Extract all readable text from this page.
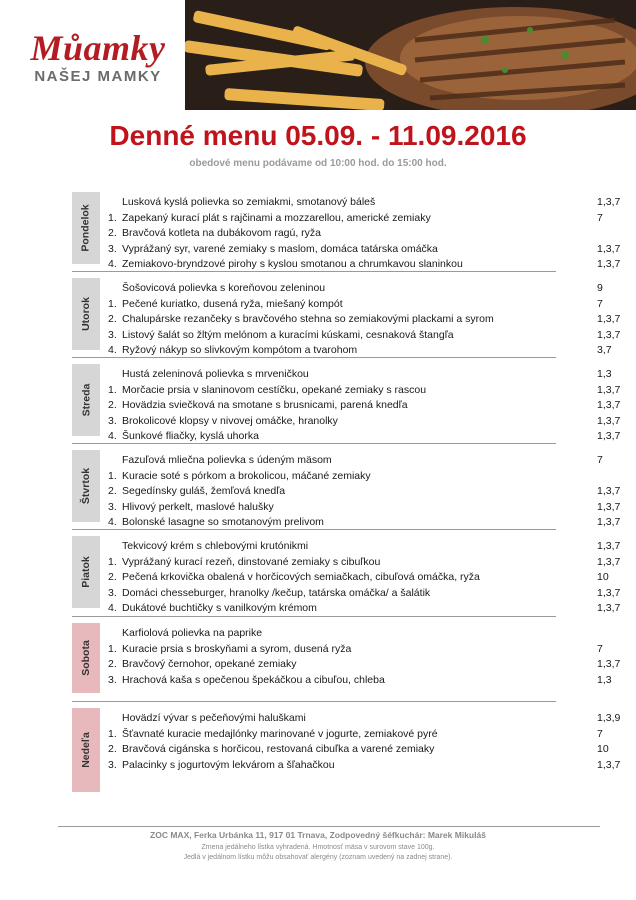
Můamky
NAŠEJ MAMKY
Denné menu 05.09. - 11.09.2016
obedové menu podávame od 10:00 hod. do 15:00 hod.
Pondelok
Lusková kyslá polievka so zemiakmi, smotanový báleš	1,3,7
1. Zapekaný kurací plát s rajčinami a mozzarellou, americké zemiaky	7
2. Bravčová kotleta na dubákovom ragú, ryža
3. Vyprážaný syr, varené zemiaky s maslom, domáca tatárska omáčka	1,3,7
4. Zemiakovo-bryndzové pirohy s kyslou smotanou a chrumkavou slaninkou	1,3,7
Utorok
Šošovicová polievka s koreňovou zeleninou	9
1. Pečené kuriatko, dusená ryža, miešaný kompót	7
2. Chalupárske rezančeky s bravčového stehna so zemiakovými plackami a syrom	1,3,7
3. Listový šalát so žltým melónom a kuracími kúskami, cesnaková štangľa	1,3,7
4. Ryžový nákyp so slivkovým kompótom a tvarohom	3,7
Streda
Hustá zeleninová polievka s mrveničkou	1,3
1. Morčacie prsia v slaninovom cestíčku, opekané zemiaky s rascou	1,3,7
2. Hovädzia sviečková na smotane s brusnicami, parená knedľa	1,3,7
3. Brokolicové klopsy v nivovej omáčke, hranolky	1,3,7
4. Šunkové fliačky, kyslá uhorka	1,3,7
Štvrtok
Fazuľová mliečna polievka s údeným mäsom	7
1. Kuracie soté s pórkom a brokolicou, máčané zemiaky
2. Segedínsky guláš, žemľová knedľa	1,3,7
3. Hlivový perkelt, maslové halušky	1,3,7
4. Bolonské lasagne so smotanovým prelivom	1,3,7
Piatok
Tekvicový krém s chlebovými krutónikmi	1,3,7
1. Vyprážaný kurací rezeň, dinstované zemiaky s cibuľkou	1,3,7
2. Pečená krkovička obalená v horčicových semiačkach, cibuľová omáčka, ryža	10
3. Domáci chesseburger, hranolky /kečup, tatárska omáčka/ a šalátik	1,3,7
4. Dukátové buchtičky s vanilkovým krémom	1,3,7
Sobota
Karfiolová polievka na paprike
1. Kuracie prsia s broskyňami a syrom, dusená ryža	7
2. Bravčový černohor, opekané zemiaky	1,3,7
3. Hrachová kaša s opečenou špekáčkou a cibuľou, chleba	1,3
Nedeľa
Hovädzí vývar s pečeňovými haluškami	1,3,9
1. Šťavnaté kuracie medajlónky marinované v jogurte, zemiakové pyré	7
2. Bravčová cigánska s horčicou, restovaná cibuľka a varené zemiaky	10
3. Palacinky s jogurtovým lekvárom a šľahačkou	1,3,7
ZOC MAX, Ferka Urbánka 11, 917 01 Trnava, Zodpovedný šéfkuchár: Marek Mikuláš
Zmena jedálneho lístka vyhradená. Hmotnosť mäsa v surovom stave 100g.
Jedlá v jedálnom lístku môžu obsahovať alergény (zoznam uvedený na zadnej strane).
